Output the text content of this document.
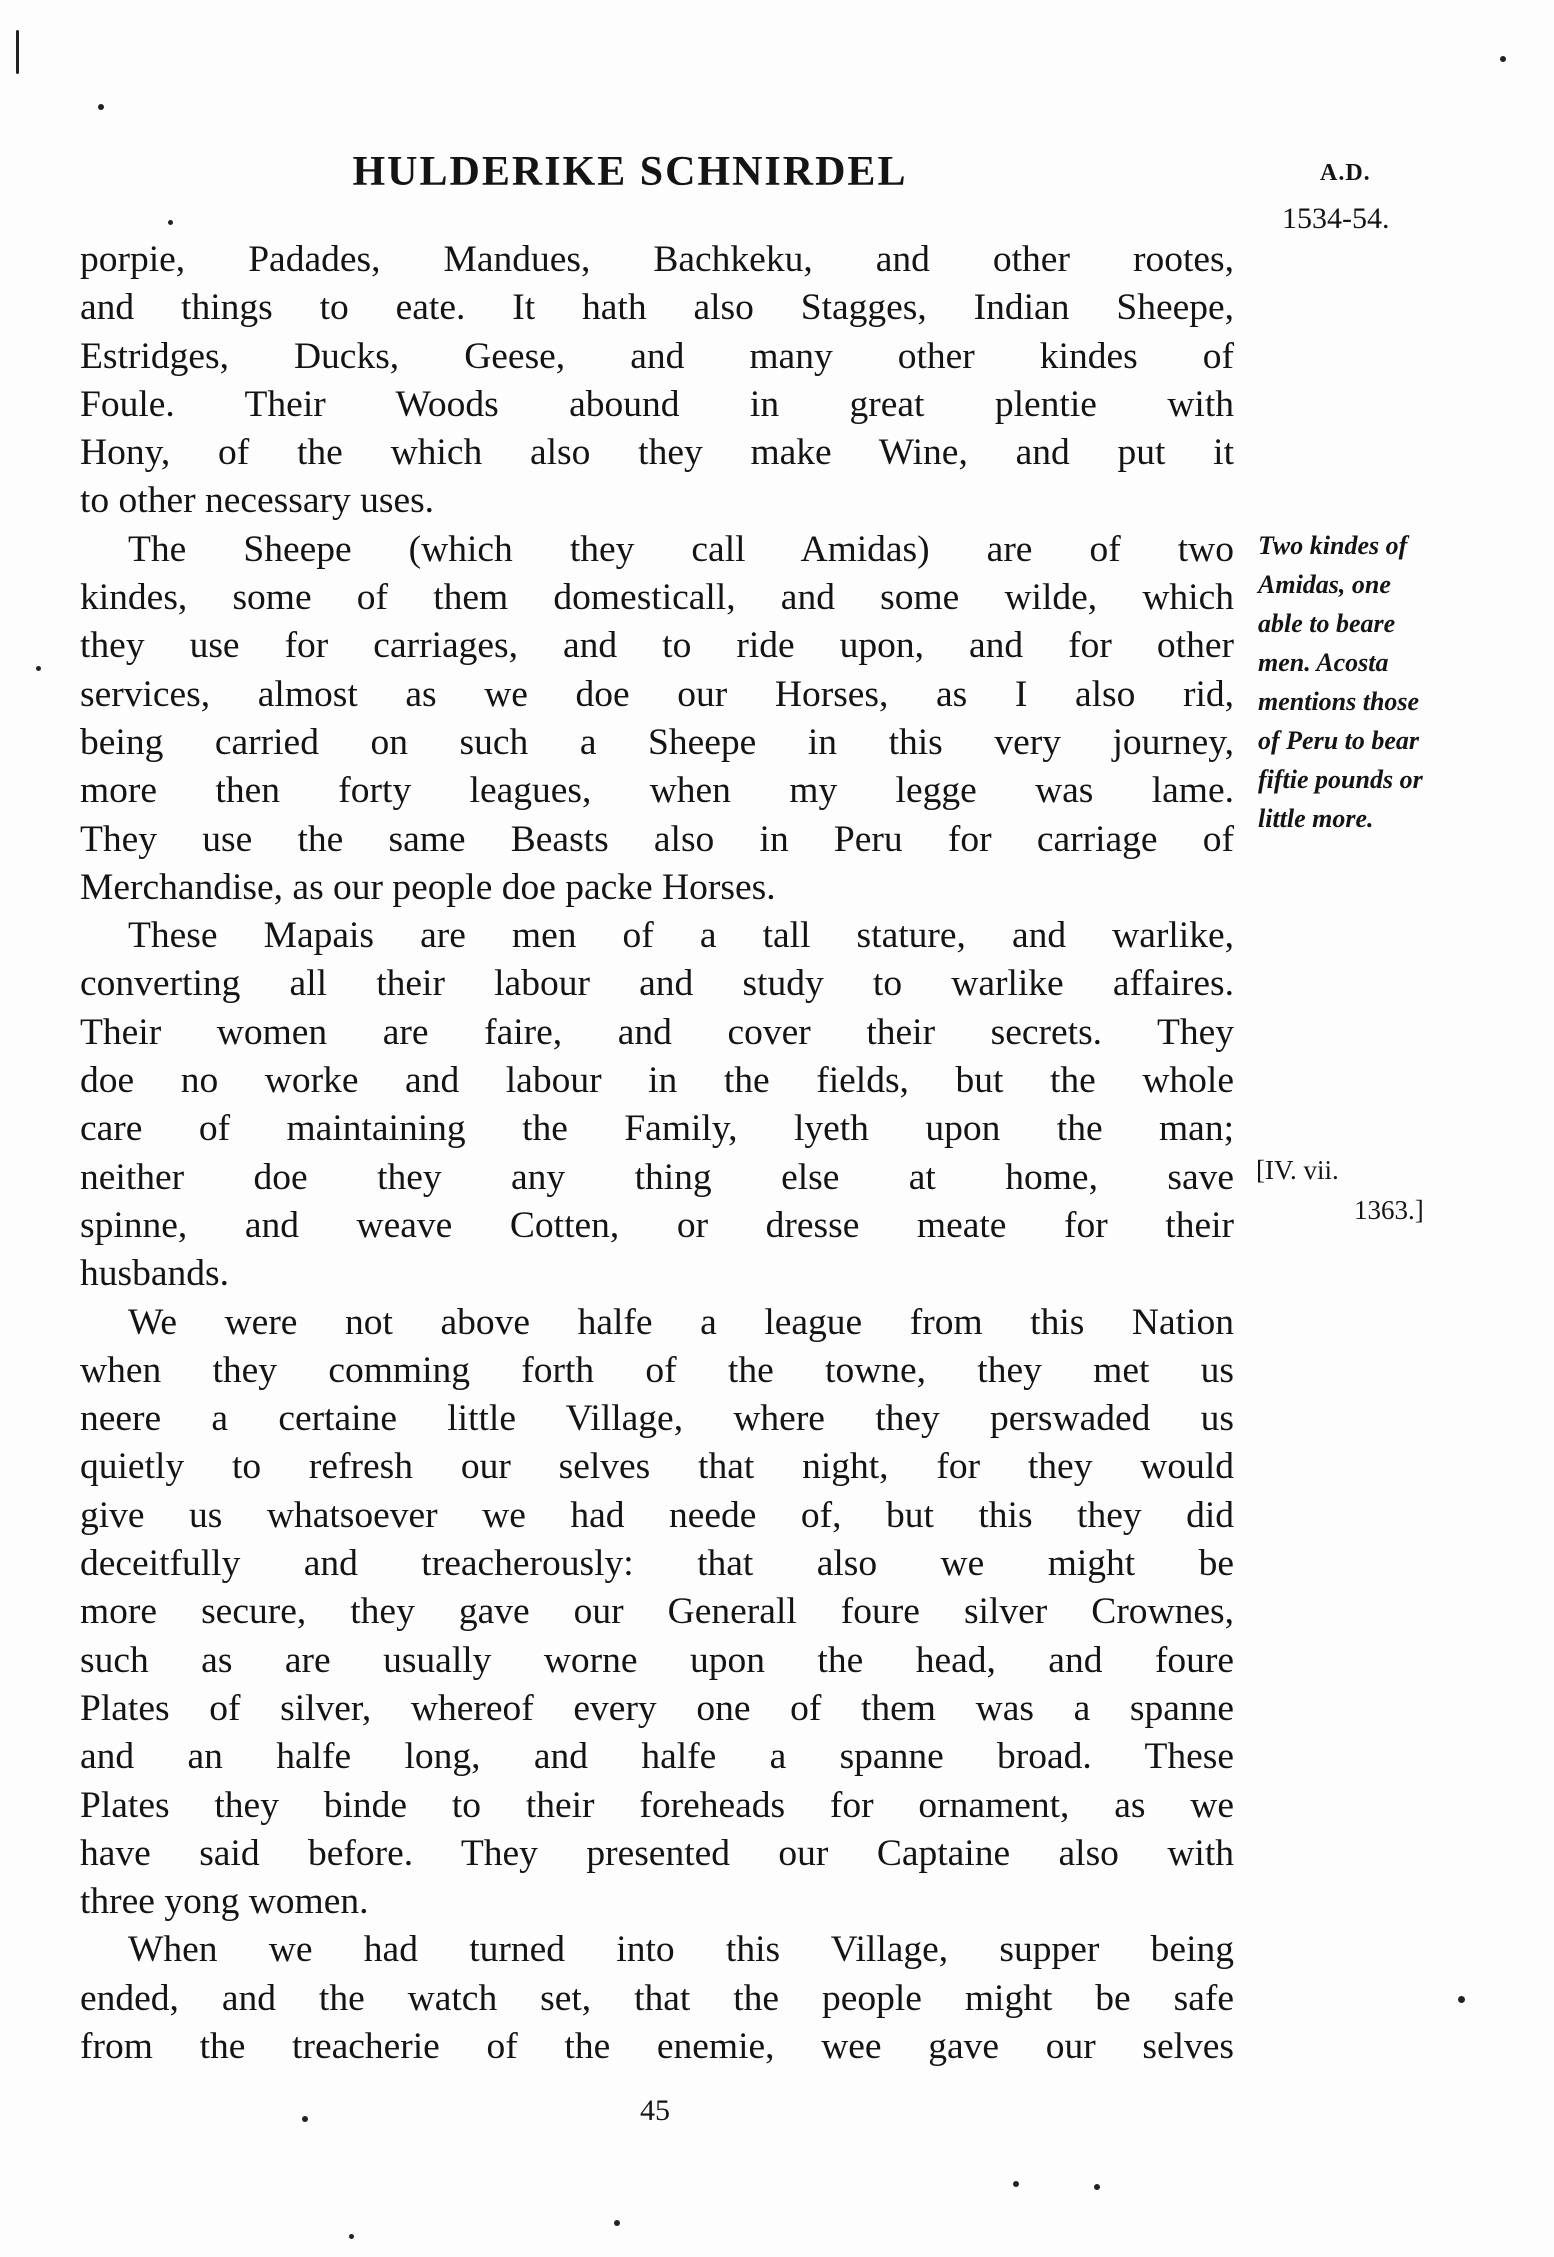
HULDERIKE SCHNIRDEL	A.D.
1534-54.
porpie, Padades, Mandues, Bachkeku, and other rootes,
and things to eate. It hath also Stagges, Indian Sheepe,
Estridges, Ducks, Geese, and many other kindes of
Foule. Their Woods abound in great plentie with
Hony, of the which also they make Wine, and put it
to other necessary uses.
The Sheepe (which they call Amidas) are of two
kindes, some of them domesticall, and some wilde, which
they use for carriages, and to ride upon, and for other
services, almost as we doe our Horses, as I also rid,
being carried on such a Sheepe in this very journey,
more then forty leagues, when my legge was lame.
They use the same Beasts also in Peru for carriage of
Merchandise, as our people doe packe Horses.
These Mapais are men of a tall stature, and warlike,
converting all their labour and study to warlike affaires.
Their women are faire, and cover their secrets. They
doe no worke and labour in the fields, but the whole
care of maintaining the Family, lyeth upon the man;
neither doe they any thing else at home, save
spinne, and weave Cotten, or dresse meate for their
husbands.
We were not above halfe a league from this Nation
when they comming forth of the towne, they met us
neere a certaine little Village, where they perswaded us
quietly to refresh our selves that night, for they would
give us whatsoever we had neede of, but this they did
deceitfully and treacherously: that also we might be
more secure, they gave our Generall foure silver Crownes,
such as are usually worne upon the head, and foure
Plates of silver, whereof every one of them was a spanne
and an halfe long, and halfe a spanne broad. These
Plates they binde to their foreheads for ornament, as we
have said before. They presented our Captaine also with
three yong women.
When we had turned into this Village, supper being
ended, and the watch set, that the people might be safe
from the treacherie of the enemie, wee gave our selves
Two kindes of
Amidas, one
able to beare
men. Acosta
mentions those
of Peru to bear
fiftie pounds or
little more.
[IV. vii.
1363.]
45
